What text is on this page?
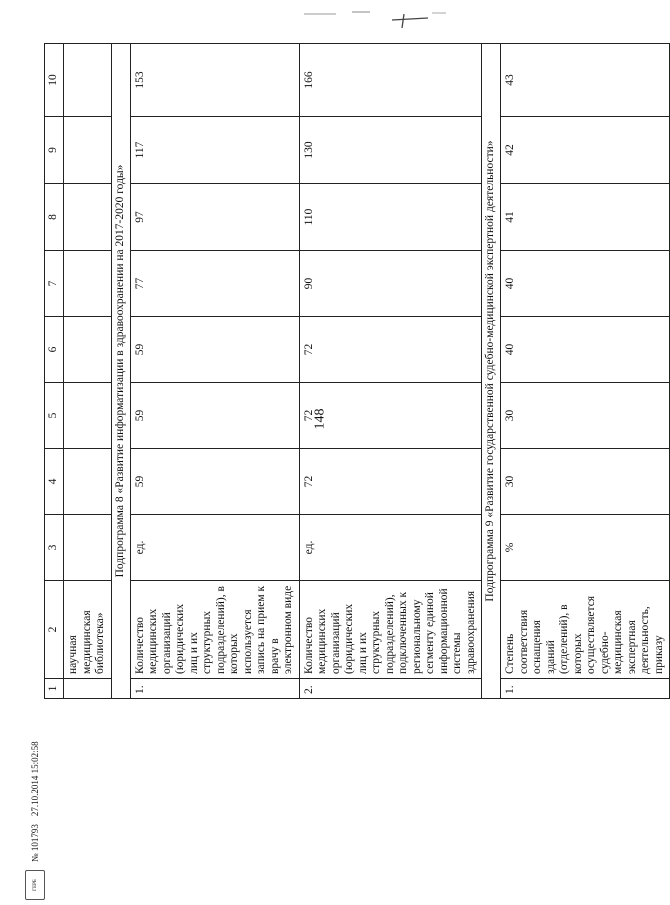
148
1	2	3	4	5	6	7	8	9	10
	научная медицинская библиотека»								
Подпрограмма 8 «Развитие информатизации в здравоохранении на 2017-2020 годы»									
1.	Количество медицинских организаций (юридических лиц и их структурных подразделений), в которых используется запись на прием к врачу в электронном виде	ед.	59	59	59	77	97	117	153
2.	Количество медицинских организаций (юридических лиц и их структурных подразделений), подключенных к региональному сегменту единой информационной системы здравоохранения	ед.	72	72	72	90	110	130	166
Подпрограмма 9 «Развитие государственной судебно-медицинской экспертной деятельности»									
1.	Степень соответствия оснащения зданий (отделений), в которых осуществляется судебно-медицинская экспертная деятельность, приказу	%	30	30	40	40	41	42	43
ГЕРБ
№ 101793
27.10.2014 15:02:58
